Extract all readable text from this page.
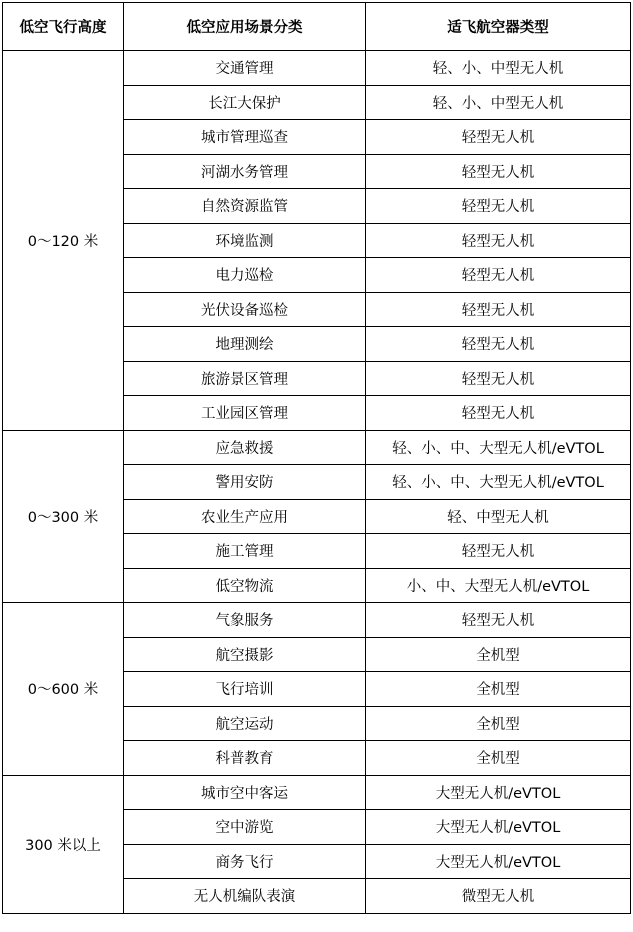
低空飞行高度	低空应用场景分类	适飞航空器类型
0～120 米	交通管理	轻、小、中型无人机
	长江大保护	轻、小、中型无人机
	城市管理巡查	轻型无人机
	河湖水务管理	轻型无人机
	自然资源监管	轻型无人机
	环境监测	轻型无人机
	电力巡检	轻型无人机
	光伏设备巡检	轻型无人机
	地理测绘	轻型无人机
	旅游景区管理	轻型无人机
	工业园区管理	轻型无人机
0～300 米	应急救援	轻、小、中、大型无人机/eVTOL
	警用安防	轻、小、中、大型无人机/eVTOL
	农业生产应用	轻、中型无人机
	施工管理	轻型无人机
	低空物流	小、中、大型无人机/eVTOL
0～600 米	气象服务	轻型无人机
	航空摄影	全机型
	飞行培训	全机型
	航空运动	全机型
	科普教育	全机型
300 米以上	城市空中客运	大型无人机/eVTOL
	空中游览	大型无人机/eVTOL
	商务飞行	大型无人机/eVTOL
	无人机编队表演	微型无人机
